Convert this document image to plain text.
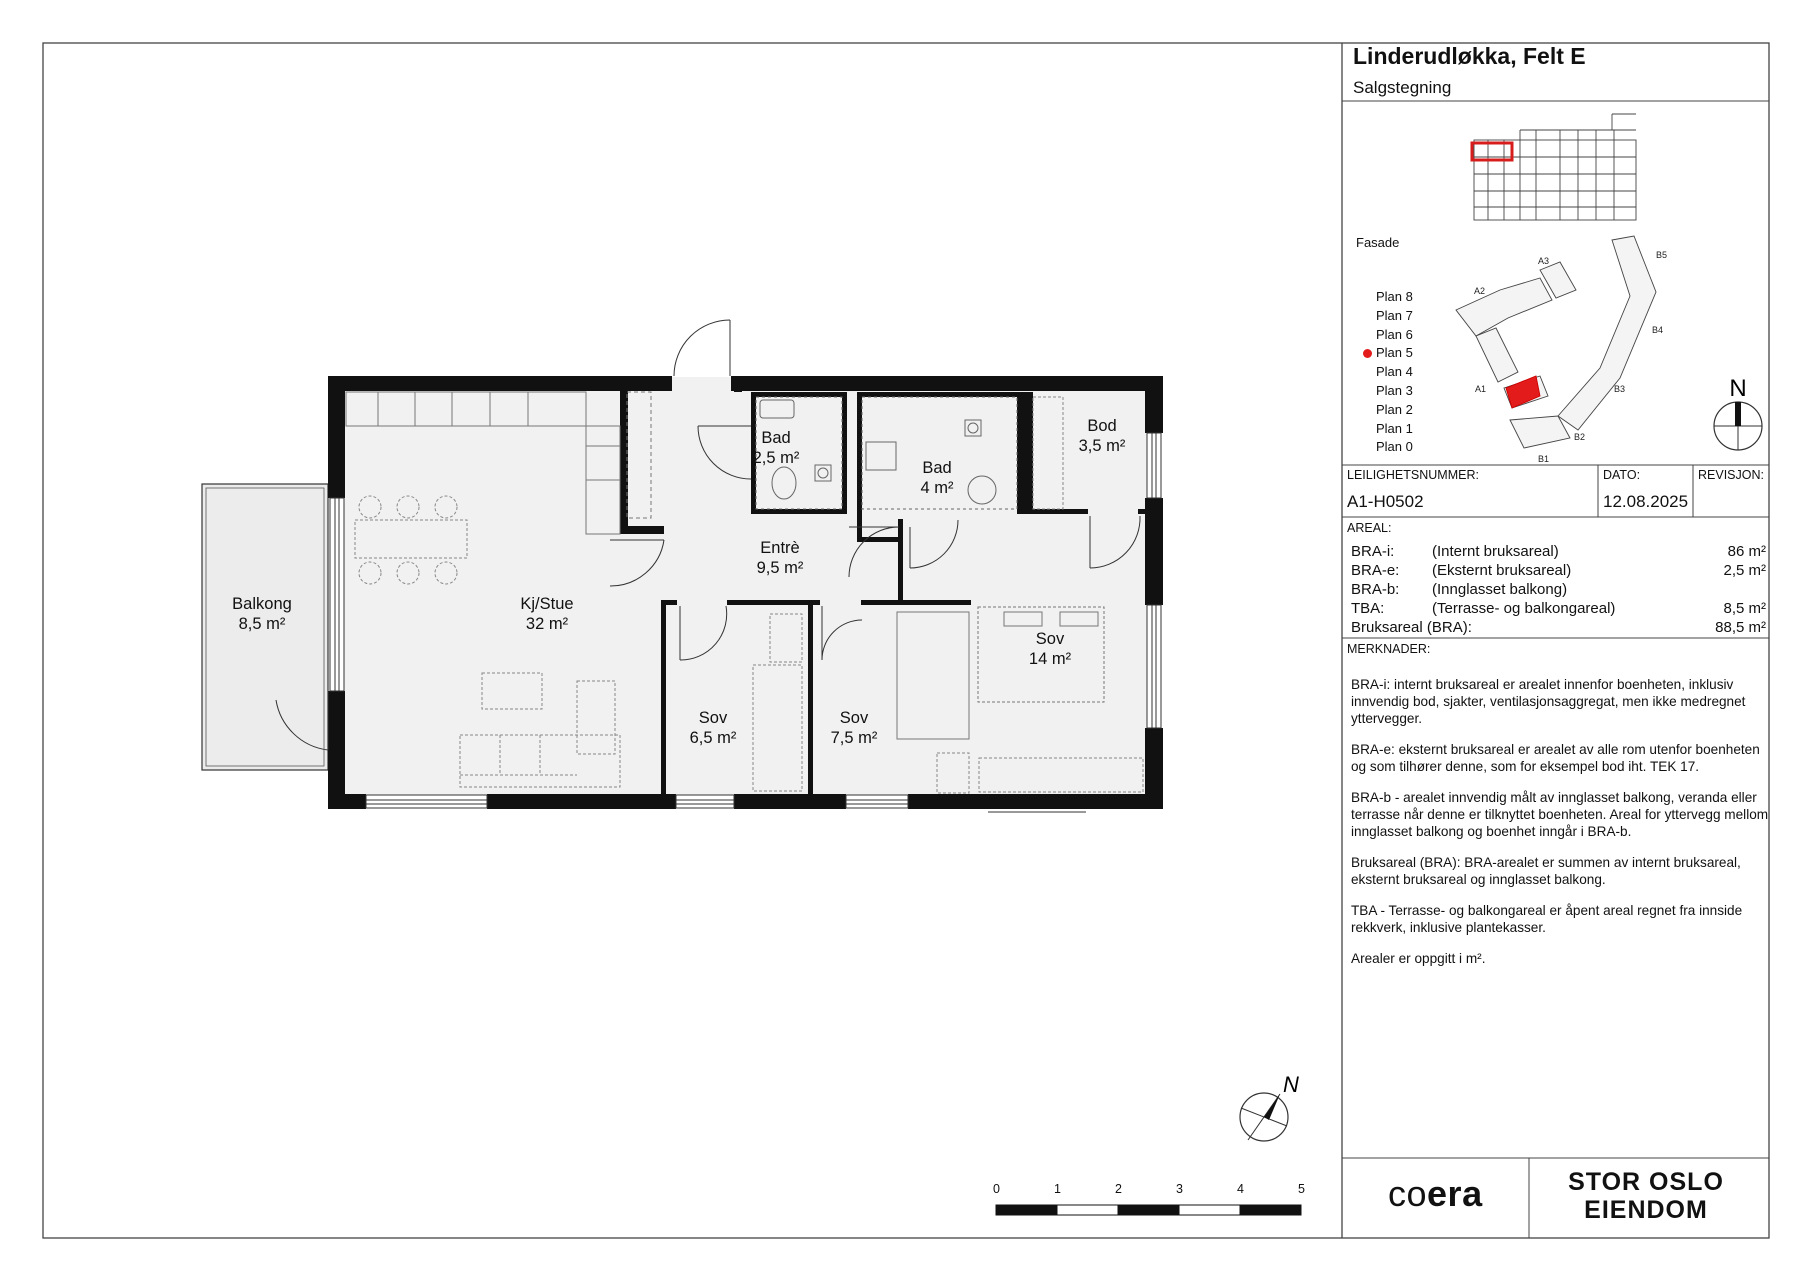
Balkong
8,5 m²
Kj/Stue
32 m²
Entrè
9,5 m²
Bad
2,5 m²
Bad
4 m²
Bod
3,5 m²
Sov
6,5 m²
Sov
7,5 m²
Sov
14 m²
N
A3
A2
A1
B5
B4
B3
B2
B1
N
Linderudløkka, Felt E
Salgstegning
Fasade
Plan 8
Plan 7
Plan 6
Plan 5
Plan 4
Plan 3
Plan 2
Plan 1
Plan 0
LEILIGHETSNUMMER:
A1-H0502
DATO:
12.08.2025
REVISJON:
AREAL:
BRA-i:	(Internt bruksareal)	86 m²
BRA-e: (Eksternt bruksareal)	2,5 m²
BRA-b: (Innglasset balkong)
TBA:	(Terrasse- og balkongareal)	8,5 m²
Bruksareal (BRA):	88,5 m²
MERKNADER:

BRA-i: internt bruksareal er arealet innenfor boenheten, inklusiv innvendig bod, sjakter, ventilasjonsaggregat, men ikke medregnet yttervegger.

BRA-e: eksternt bruksareal er arealet av alle rom utenfor boenheten og som tilhører denne, som for eksempel bod iht. TEK 17.

BRA-b - arealet innvendig målt av innglasset balkong, veranda eller terrasse når denne er tilknyttet boenheten. Areal for yttervegg mellom innglasset balkong og boenhet inngår i BRA-b.

Bruksareal (BRA): BRA-arealet er summen av internt bruksareal, eksternt bruksareal og innglasset balkong.

TBA - Terrasse- og balkongareal er åpent areal regnet fra innside rekkverk, inklusive plantekasser.

Arealer er oppgitt i m².

0	1	2	3	4	5 coera	STOR OSLO
EIENDOM
